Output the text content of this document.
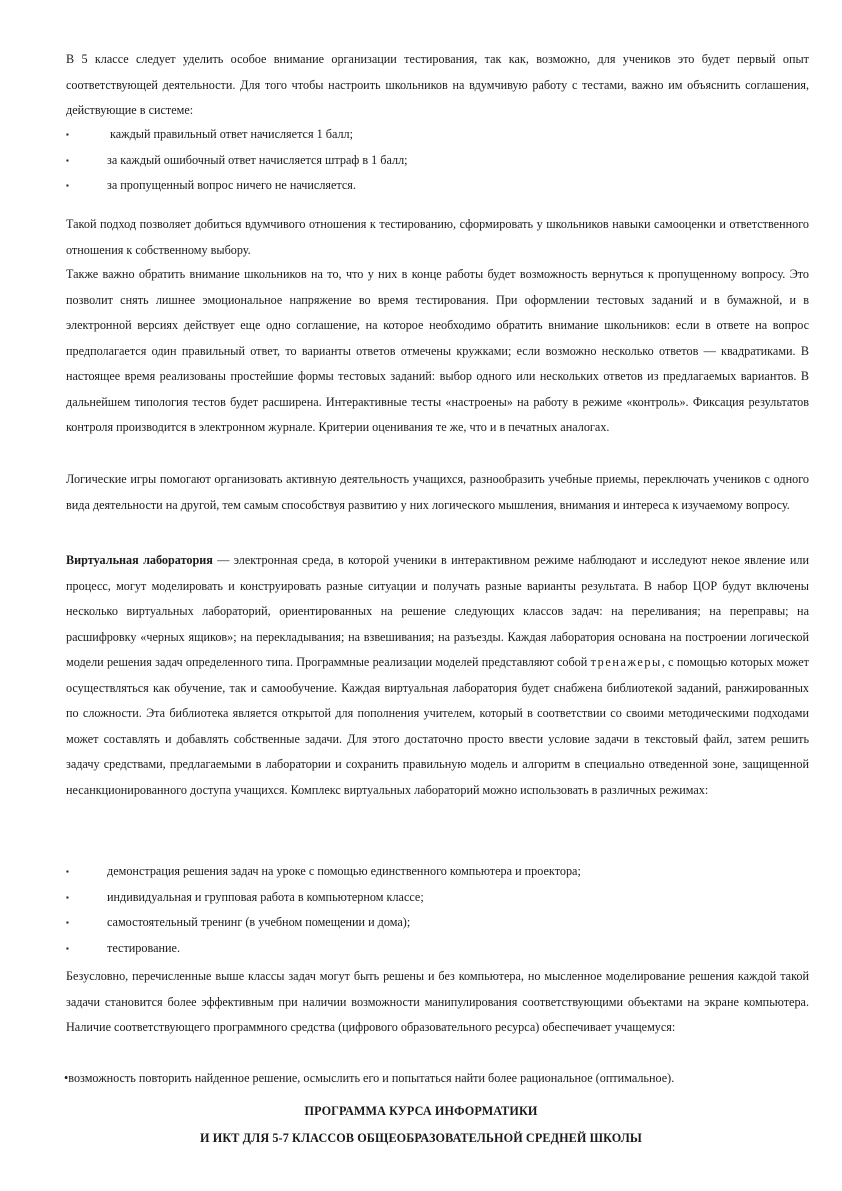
В 5 классе следует уделить особое внимание организации тестирования, так как, возможно, для учеников это будет первый опыт соответствующей деятельности. Для того чтобы настроить школьников на вдумчивую работу с тестами, важно им объяснить соглашения, действующие в системе:

▪	каждый правильный ответ начисляется 1 балл;
▪	за каждый ошибочный ответ начисляется штраф в 1 балл;
▪	за пропущенный вопрос ничего не начисляется.

Такой подход позволяет добиться вдумчивого отношения к тестированию, сформировать у школьников навыки самооценки и ответственного отношения к собственному выбору.

Также важно обратить внимание школьников на то, что у них в конце работы будет возможность вернуться к пропущенному вопросу. Это позволит снять лишнее эмоциональное напряжение во время тестирования. При оформлении тестовых заданий и в бумажной, и в электронной версиях действует еще одно соглашение, на которое необходимо обратить внимание школьников: если в ответе на вопрос предполагается один правильный ответ, то варианты ответов отмечены кружками; если возможно несколько ответов — квадратиками. В настоящее время реализованы простейшие формы тестовых заданий: выбор одного или нескольких ответов из предлагаемых вариантов. В дальнейшем типология тестов будет расширена. Интерактивные тесты «настроены» на работу в режиме «контроль». Фиксация результатов контроля производится в электронном журнале. Критерии оценивания те же, что и в печатных аналогах.

Логические игры помогают организовать активную деятельность учащихся, разнообразить учебные приемы, переключать учеников с одного вида деятельности на другой, тем самым способствуя развитию у них логического мышления, внимания и интереса к изучаемому вопросу.

Виртуальная лаборатория — электронная среда, в которой ученики в интерактивном режиме наблюдают и исследуют некое явление или процесс, могут моделировать и конструировать разные ситуации и получать разные варианты результата. В набор ЦОР будут включены несколько виртуальных лабораторий, ориентированных на решение следующих классов задач: на переливания; на переправы; на расшифровку «черных ящиков»; на перекладывания; на взвешивания; на разъезды. Каждая лаборатория основана на построении логической модели решения задач определенного типа. Программные реализации моделей представляют собой тренажеры, с помощью которых может осуществляться как обучение, так и самообучение. Каждая виртуальная лаборатория будет снабжена библиотекой заданий, ранжированных по сложности. Эта библиотека является открытой для пополнения учителем, который в соответствии со своими методическими подходами может составлять и добавлять собственные задачи. Для этого достаточно просто ввести условие задачи в текстовый файл, затем решить задачу средствами, предлагаемыми в лаборатории и сохранить правильную модель и алгоритм в специально отведенной зоне, защищенной несанкционированного доступа учащихся. Комплекс виртуальных лабораторий можно использовать в различных режимах:

▪	демонстрация решения задач на уроке с помощью единственного компьютера и проектора;
▪	индивидуальная и групповая работа в компьютерном классе;
▪	самостоятельный тренинг (в учебном помещении и дома);
▪	тестирование.

Безусловно, перечисленные выше классы задач могут быть решены и без компьютера, но мысленное моделирование решения каждой такой задачи становится более эффективным при наличии возможности манипулирования соответствующими объектами на экране компьютера. Наличие соответствующего программного средства (цифрового образовательного ресурса) обеспечивает учащемуся:

•возможность повторить найденное решение, осмыслить его и попытаться найти более рациональное (оптимальное).
ПРОГРАММА КУРСА ИНФОРМАТИКИ
И ИКТ ДЛЯ 5-7 КЛАССОВ ОБЩЕОБРАЗОВАТЕЛЬНОЙ СРЕДНЕЙ ШКОЛЫ
